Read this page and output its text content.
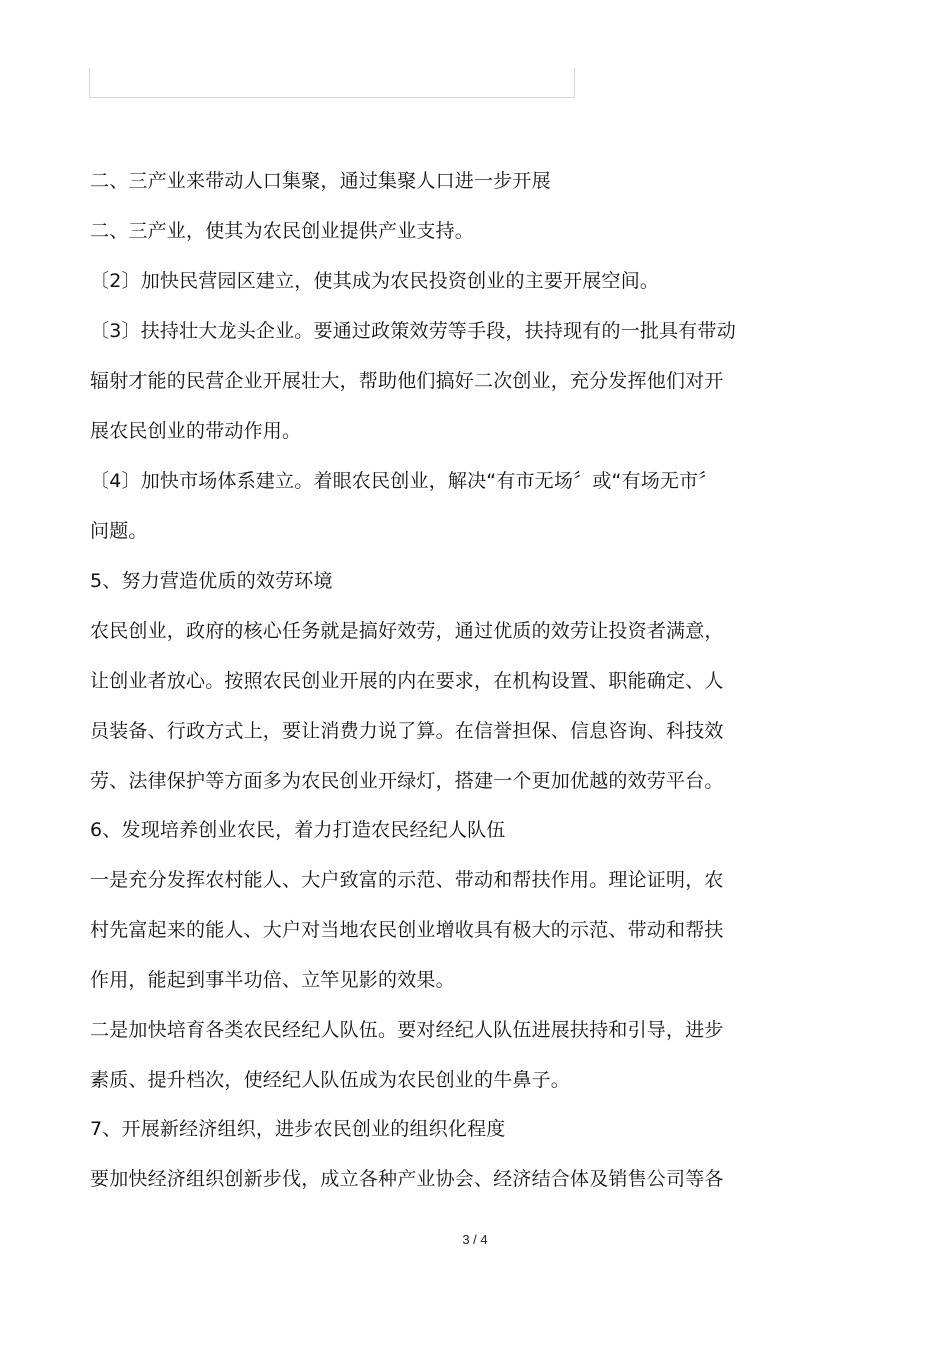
二、三产业来带动人口集聚，通过集聚人口进一步开展
二、三产业，使其为农民创业提供产业支持。
〔2〕加快民营园区建立，使其成为农民投资创业的主要开展空间。
〔3〕扶持壮大龙头企业。要通过政策效劳等手段，扶持现有的一批具有带动
辐射才能的民营企业开展壮大，帮助他们搞好二次创业，充分发挥他们对开
展农民创业的带动作用。
〔4〕加快市场体系建立。着眼农民创业，解决“有市无场〞或“有场无市〞
问题。
5、努力营造优质的效劳环境
农民创业，政府的核心任务就是搞好效劳，通过优质的效劳让投资者满意，
让创业者放心。按照农民创业开展的内在要求，在机构设置、职能确定、人
员装备、行政方式上，要让消费力说了算。在信誉担保、信息咨询、科技效
劳、法律保护等方面多为农民创业开绿灯，搭建一个更加优越的效劳平台。
6、发现培养创业农民，着力打造农民经纪人队伍
一是充分发挥农村能人、大户致富的示范、带动和帮扶作用。理论证明，农
村先富起来的能人、大户对当地农民创业增收具有极大的示范、带动和帮扶
作用，能起到事半功倍、立竿见影的效果。
二是加快培育各类农民经纪人队伍。要对经纪人队伍进展扶持和引导，进步
素质、提升档次，使经纪人队伍成为农民创业的牛鼻子。
7、开展新经济组织，进步农民创业的组织化程度
要加快经济组织创新步伐，成立各种产业协会、经济结合体及销售公司等各
3 / 4
